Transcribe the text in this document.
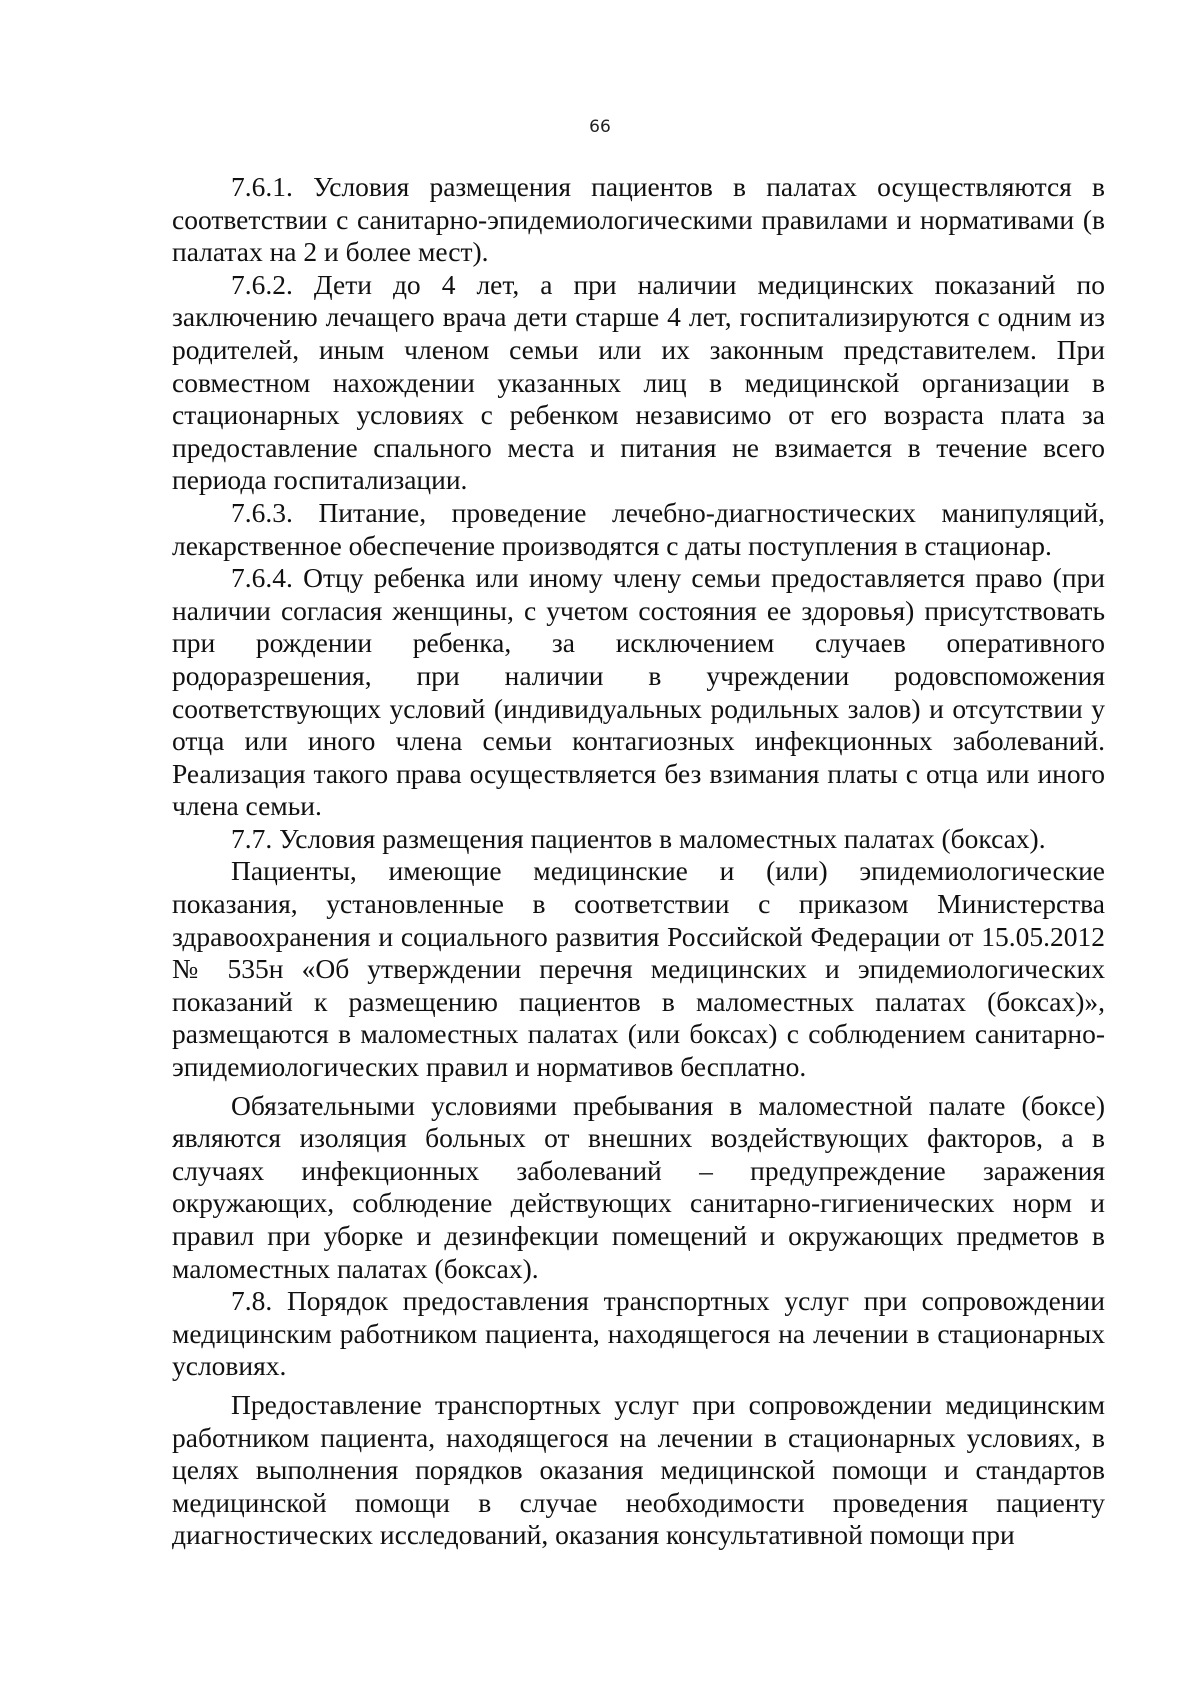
66

7.6.1. Условия размещения пациентов в палатах осуществляются в соответствии с санитарно-эпидемиологическими правилами и нормативами (в палатах на 2 и более мест).

7.6.2. Дети до 4 лет, а при наличии медицинских показаний по заключению лечащего врача дети старше 4 лет, госпитализируются с одним из родителей, иным членом семьи или их законным представителем. При совместном нахождении указанных лиц в медицинской организации в стационарных условиях с ребенком независимо от его возраста плата за предоставление спального места и питания не взимается в течение всего периода госпитализации.

7.6.3. Питание, проведение лечебно-диагностических манипуляций, лекарственное обеспечение производятся с даты поступления в стационар.

7.6.4. Отцу ребенка или иному члену семьи предоставляется право (при наличии согласия женщины, с учетом состояния ее здоровья) присутствовать при рождении ребенка, за исключением случаев оперативного родоразрешения, при наличии в учреждении родовспоможения соответствующих условий (индивидуальных родильных залов) и отсутствии у отца или иного члена семьи контагиозных инфекционных заболеваний. Реализация такого права осуществляется без взимания платы с отца или иного члена семьи.

7.7. Условия размещения пациентов в маломестных палатах (боксах).

Пациенты, имеющие медицинские и (или) эпидемиологические показания, установленные в соответствии с приказом Министерства здравоохранения и социального развития Российской Федерации от 15.05.2012 № 535н «Об утверждении перечня медицинских и эпидемиологических показаний к размещению пациентов в маломестных палатах (боксах)», размещаются в маломестных палатах (или боксах) с соблюдением санитарно-эпидемиологических правил и нормативов бесплатно.

Обязательными условиями пребывания в маломестной палате (боксе) являются изоляция больных от внешних воздействующих факторов, а в случаях инфекционных заболеваний – предупреждение заражения окружающих, соблюдение действующих санитарно-гигиенических норм и правил при уборке и дезинфекции помещений и окружающих предметов в маломестных палатах (боксах).

7.8. Порядок предоставления транспортных услуг при сопровождении медицинским работником пациента, находящегося на лечении в стационарных условиях.

Предоставление транспортных услуг при сопровождении медицинским работником пациента, находящегося на лечении в стационарных условиях, в целях выполнения порядков оказания медицинской помощи и стандартов медицинской помощи в случае необходимости проведения пациенту диагностических исследований, оказания консультативной помощи при
